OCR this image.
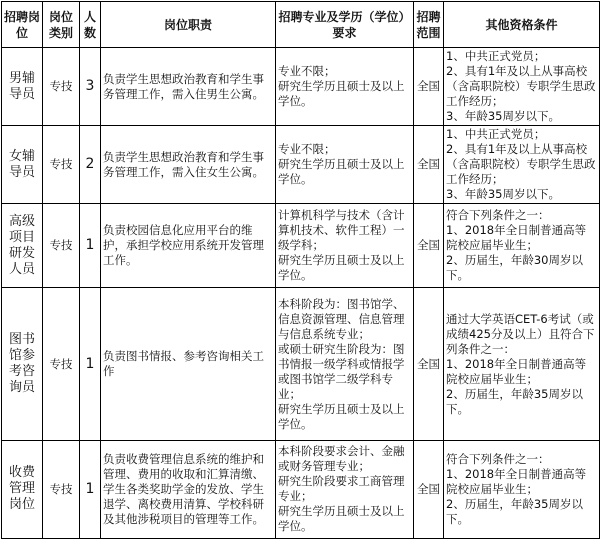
招聘岗位	岗位类别	人数	岗位职责	招聘专业及学历（学位）要求	招聘范围	其他资格条件
男辅导员	专技	3	负责学生思想政治教育和学生事务管理工作，需入住男生公寓。	专业不限；
研究生学历且硕士及以上学位。	全国	1、中共正式党员；
2、具有1年及以上从事高校（含高职院校）专职学生思政工作经历；
3、年龄35周岁以下。

女辅导员	专技	2	负责学生思想政治教育和学生事务管理工作，需入住女生公寓。	专业不限；
研究生学历且硕士及以上学位。	全国	1、中共正式党员；
2、具有1年及以上从事高校（含高职院校）专职学生思政工作经历；
3、年龄35周岁以下。

高级项目研发人员	专技	1	负责校园信息化应用平台的维护，承担学校应用系统开发管理工作。	计算机科学与技术（含计算机技术、软件工程）一级学科；
研究生学历且硕士及以上学位。	全国	符合下列条件之一：
1、2018年全日制普通高等院校应届毕业生；
2、历届生，年龄30周岁以下。

图书馆参考咨询员	专技	1	负责图书情报、参考咨询相关工作	本科阶段为：图书馆学、信息资源管理、信息管理与信息系统专业；
或硕士研究生阶段为：图书情报一级学科或情报学或图书馆学二级学科专业；
研究生学历且硕士及以上学位。	全国	通过大学英语CET-6考试（或成绩425分及以上）且符合下列条件之一：
1、2018年全日制普通高等院校应届毕业生；
2、历届生，年龄35周岁以下。

收费管理岗位	专技	1	负责收费管理信息系统的维护和管理、费用的收取和汇算清缴、学生各类奖助学金的发放、学生退学、离校费用清算、学校科研及其他涉税项目的管理等工作。	本科阶段要求会计、金融或财务管理专业；
研究生阶段要求工商管理专业；
研究生学历且硕士及以上学位。	全国	符合下列条件之一：
1、2018年全日制普通高等院校应届毕业生；
2、历届生，年龄35周岁以下。
